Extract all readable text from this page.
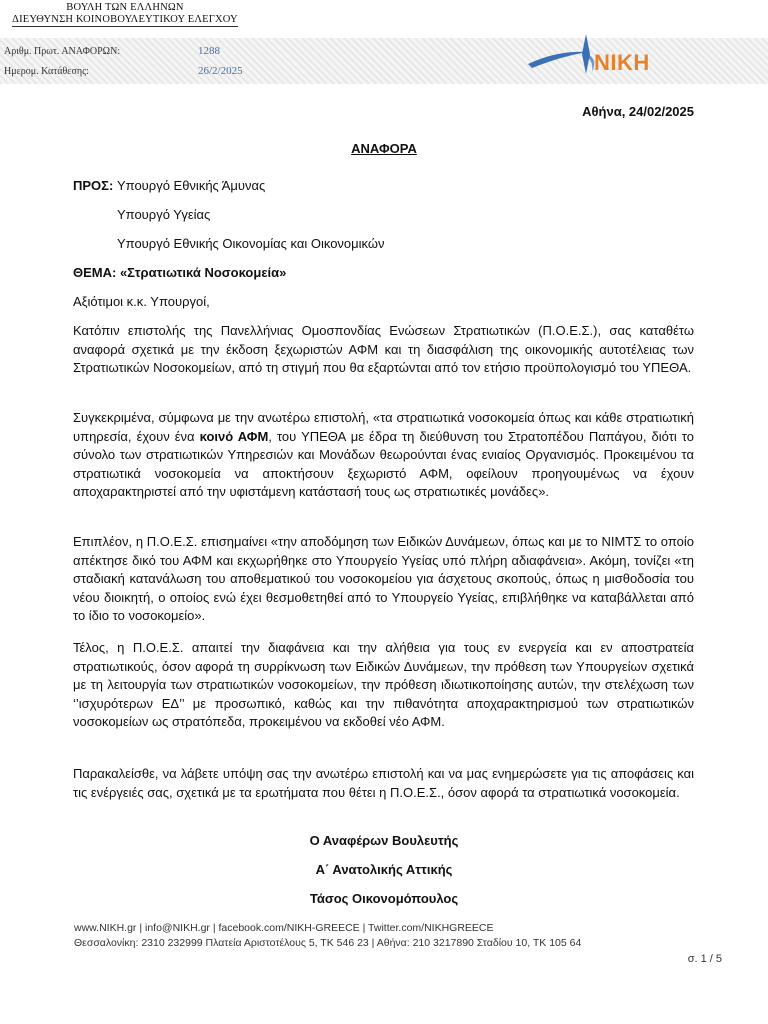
ΒΟΥΛΗ ΤΩΝ ΕΛΛΗΝΩΝ
ΔΙΕΥΘΥΝΣΗ ΚΟΙΝΟΒΟΥΛΕΥΤΙΚΟΥ ΕΛΕΓΧΟΥ
Αριθμ. Πρωτ. ΑΝΑΦΟΡΩΝ:	1288
Ημερομ. Κατάθεσης:	26/2/2025	NIKH
Αθήνα, 24/02/2025
ΑΝΑΦΟΡΑ
ΠΡΟΣ: Υπουργό Εθνικής Άμυνας
Υπουργό Υγείας
Υπουργό Εθνικής Οικονομίας και Οικονομικών
ΘΕΜΑ: «Στρατιωτικά Νοσοκομεία»
Αξιότιμοι κ.κ. Υπουργοί,
Κατόπιν επιστολής της Πανελλήνιας Ομοσπονδίας Ενώσεων Στρατιωτικών (Π.Ο.Ε.Σ.), σας καταθέτω αναφορά σχετικά με την έκδοση ξεχωριστών ΑΦΜ και τη διασφάλιση της οικονομικής αυτοτέλειας των Στρατιωτικών Νοσοκομείων, από τη στιγμή που θα εξαρτώνται από τον ετήσιο προϋπολογισμό του ΥΠΕΘΑ.
Συγκεκριμένα, σύμφωνα με την ανωτέρω επιστολή, «τα στρατιωτικά νοσοκομεία όπως και κάθε στρατιωτική υπηρεσία, έχουν ένα κοινό ΑΦΜ, του ΥΠΕΘΑ με έδρα τη διεύθυνση του Στρατοπέδου Παπάγου, διότι το σύνολο των στρατιωτικών Υπηρεσιών και Μονάδων θεωρούνται ένας ενιαίος Οργανισμός. Προκειμένου τα στρατιωτικά νοσοκομεία να αποκτήσουν ξεχωριστό ΑΦΜ, οφείλουν προηγουμένως να έχουν αποχαρακτηριστεί από την υφιστάμενη κατάστασή τους ως στρατιωτικές μονάδες».
Επιπλέον, η Π.Ο.Ε.Σ. επισημαίνει «την αποδόμηση των Ειδικών Δυνάμεων, όπως και με το ΝΙΜΤΣ το οποίο απέκτησε δικό του ΑΦΜ και εκχωρήθηκε στο Υπουργείο Υγείας υπό πλήρη αδιαφάνεια». Ακόμη, τονίζει «τη σταδιακή κατανάλωση του αποθεματικού του νοσοκομείου για άσχετους σκοπούς, όπως η μισθοδοσία του νέου διοικητή, ο οποίος ενώ έχει θεσμοθετηθεί από το Υπουργείο Υγείας, επιβλήθηκε να καταβάλλεται από το ίδιο το νοσοκομείο».
Τέλος, η Π.Ο.Ε.Σ. απαιτεί την διαφάνεια και την αλήθεια για τους εν ενεργεία και εν αποστρατεία στρατιωτικούς, όσον αφορά τη συρρίκνωση των Ειδικών Δυνάμεων, την πρόθεση των Υπουργείων σχετικά με τη λειτουργία των στρατιωτικών νοσοκομείων, την πρόθεση ιδιωτικοποίησης αυτών, την στελέχωση των ‘’ισχυρότερων ΕΔ’’ με προσωπικό, καθώς και την πιθανότητα αποχαρακτηρισμού των στρατιωτικών νοσοκομείων ως στρατόπεδα, προκειμένου να εκδοθεί νέο ΑΦΜ.
Παρακαλείσθε, να λάβετε υπόψη σας την ανωτέρω επιστολή και να μας ενημερώσετε για τις αποφάσεις και τις ενέργειές σας, σχετικά με τα ερωτήματα που θέτει η Π.Ο.Ε.Σ., όσον αφορά τα στρατιωτικά νοσοκομεία.
Ο Αναφέρων Βουλευτής
Α΄ Ανατολικής Αττικής
Τάσος Οικονομόπουλος
www.NIKH.gr | info@NIKH.gr | facebook.com/NIKH-GREECE | Twitter.com/NIKHGREECE
Θεσσαλονίκη: 2310 232999 Πλατεία Αριστοτέλους 5, ΤΚ 546 23 | Αθήνα: 210 3217890 Σταδίου 10, ΤΚ 105 64
σ. 1 / 5
